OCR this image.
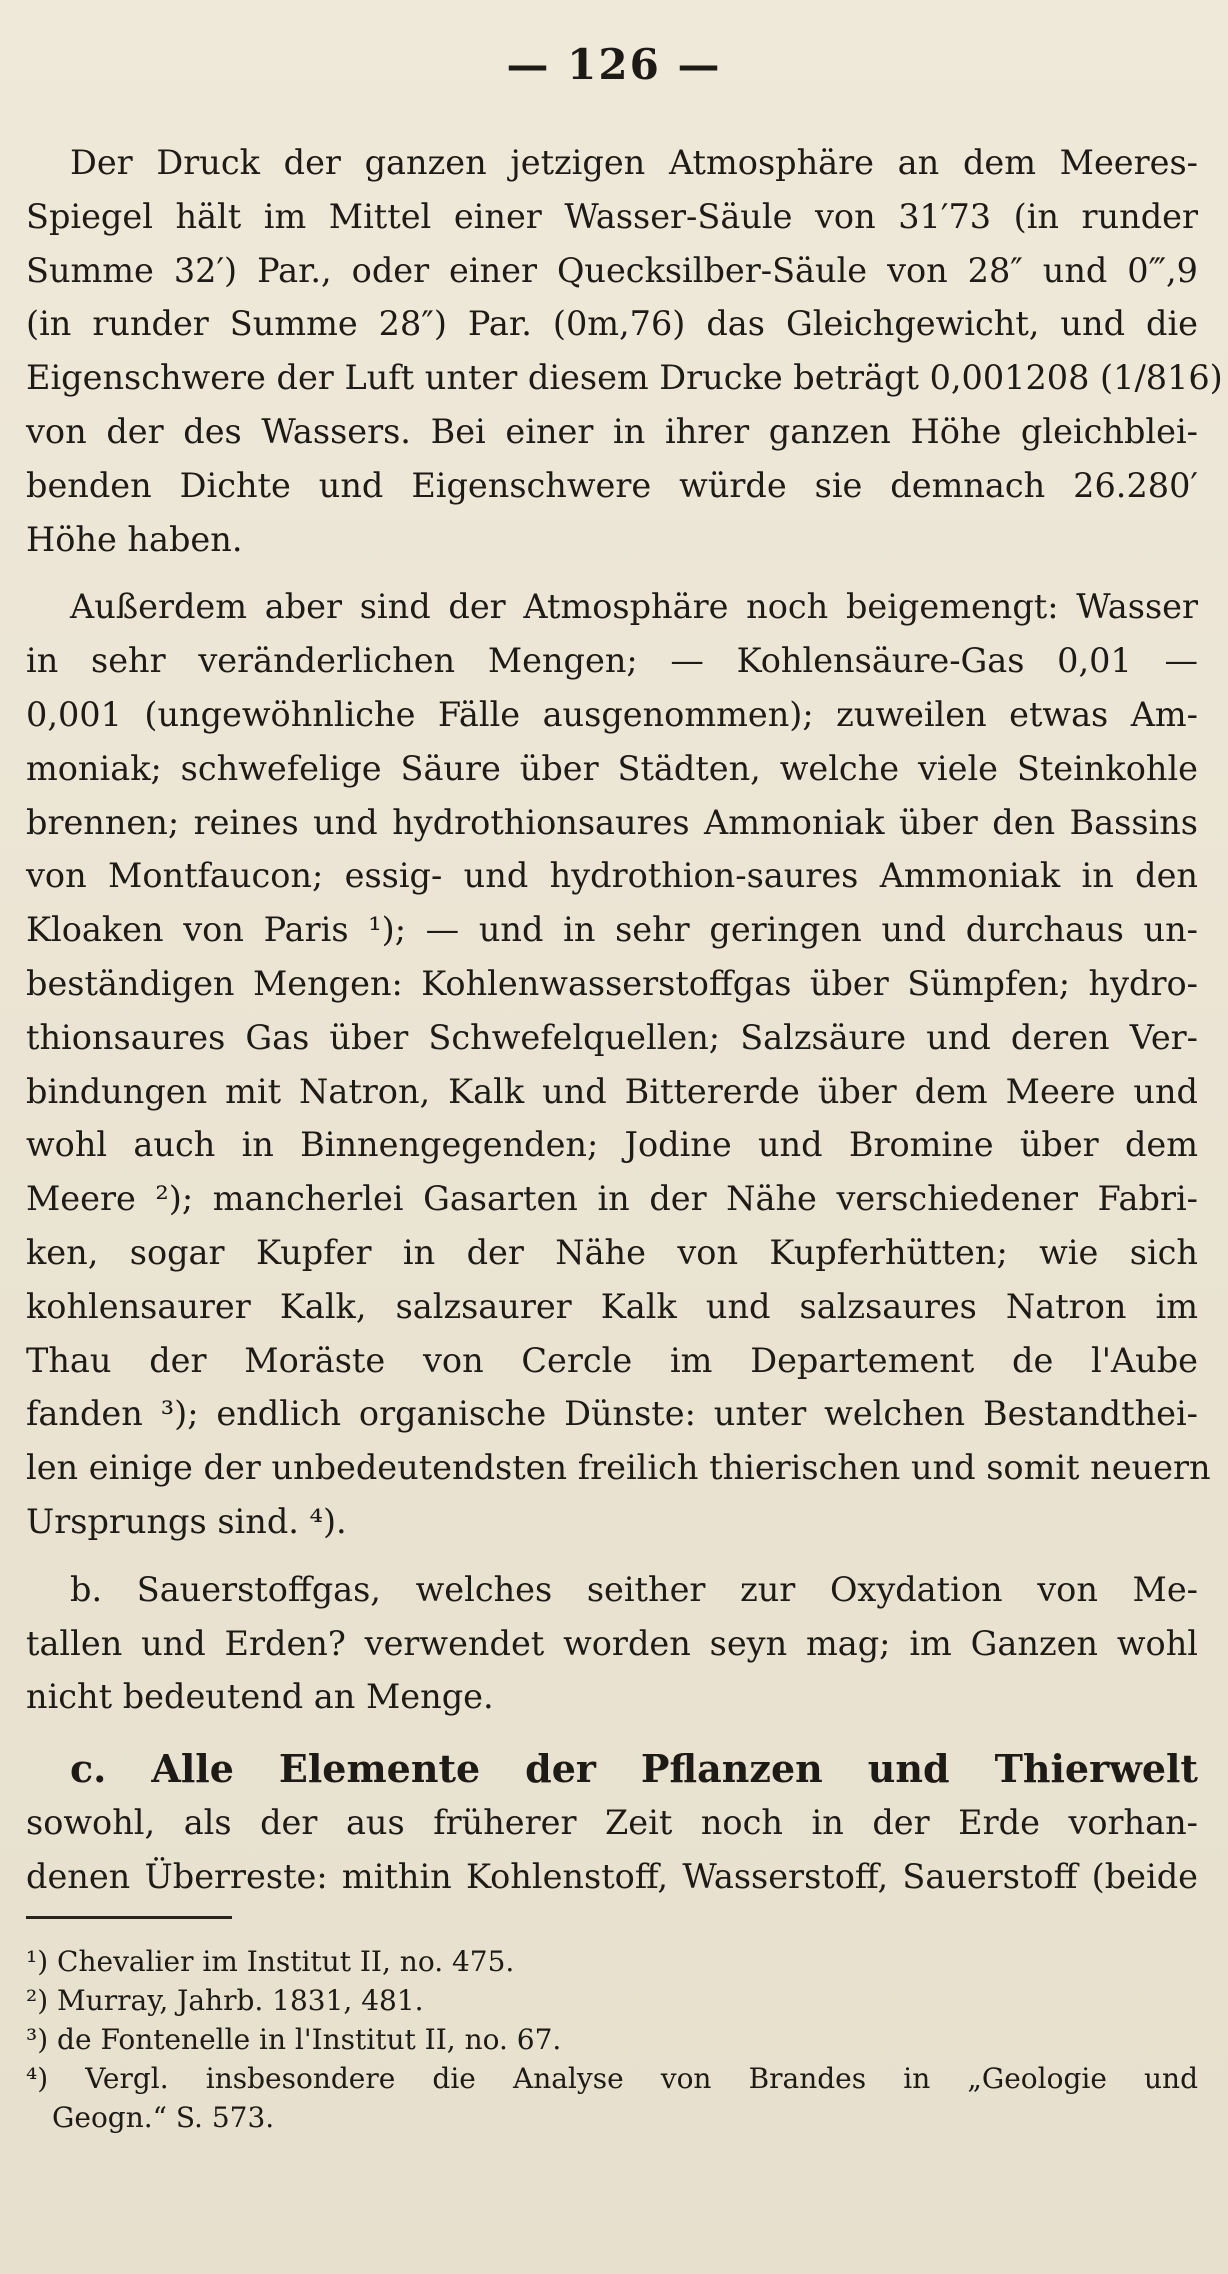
— 126 —
Der Druck der ganzen jetzigen Atmosphäre an dem Meeres-
Spiegel hält im Mittel einer Wasser-Säule von 31′73 (in runder
Summe 32′) Par., oder einer Quecksilber-Säule von 28″ und 0‴,9
(in runder Summe 28″) Par. (0m,76) das Gleichgewicht, und die
Eigenschwere der Luft unter diesem Drucke beträgt 0,001208 (1/816)
von der des Wassers. Bei einer in ihrer ganzen Höhe gleichblei-
benden Dichte und Eigenschwere würde sie demnach 26.280′
Höhe haben.
Außerdem aber sind der Atmosphäre noch beigemengt: Wasser
in sehr veränderlichen Mengen; — Kohlensäure-Gas 0,01 —
0,001 (ungewöhnliche Fälle ausgenommen); zuweilen etwas Am-
moniak; schwefelige Säure über Städten, welche viele Steinkohle
brennen; reines und hydrothionsaures Ammoniak über den Bassins
von Montfaucon; essig- und hydrothion-saures Ammoniak in den
Kloaken von Paris ¹); — und in sehr geringen und durchaus un-
beständigen Mengen: Kohlenwasserstoffgas über Sümpfen; hydro-
thionsaures Gas über Schwefelquellen; Salzsäure und deren Ver-
bindungen mit Natron, Kalk und Bittererde über dem Meere und
wohl auch in Binnengegenden; Jodine und Bromine über dem
Meere ²); mancherlei Gasarten in der Nähe verschiedener Fabri-
ken, sogar Kupfer in der Nähe von Kupferhütten; wie sich
kohlensaurer Kalk, salzsaurer Kalk und salzsaures Natron im
Thau der Moräste von Cercle im Departement de l'Aube
fanden ³); endlich organische Dünste: unter welchen Bestandthei-
len einige der unbedeutendsten freilich thierischen und somit neuern
Ursprungs sind. ⁴).
b. Sauerstoffgas, welches seither zur Oxydation von Me-
tallen und Erden? verwendet worden seyn mag; im Ganzen wohl
nicht bedeutend an Menge.
c. Alle Elemente der Pflanzen und Thierwelt
sowohl, als der aus früherer Zeit noch in der Erde vorhan-
denen Überreste: mithin Kohlenstoff, Wasserstoff, Sauerstoff (beide
¹) Chevalier im Institut II, no. 475.
²) Murray, Jahrb. 1831, 481.
³) de Fontenelle in l'Institut II, no. 67.
⁴) Vergl. insbesondere die Analyse von Brandes in „Geologie und
Geogn.“ S. 573.
